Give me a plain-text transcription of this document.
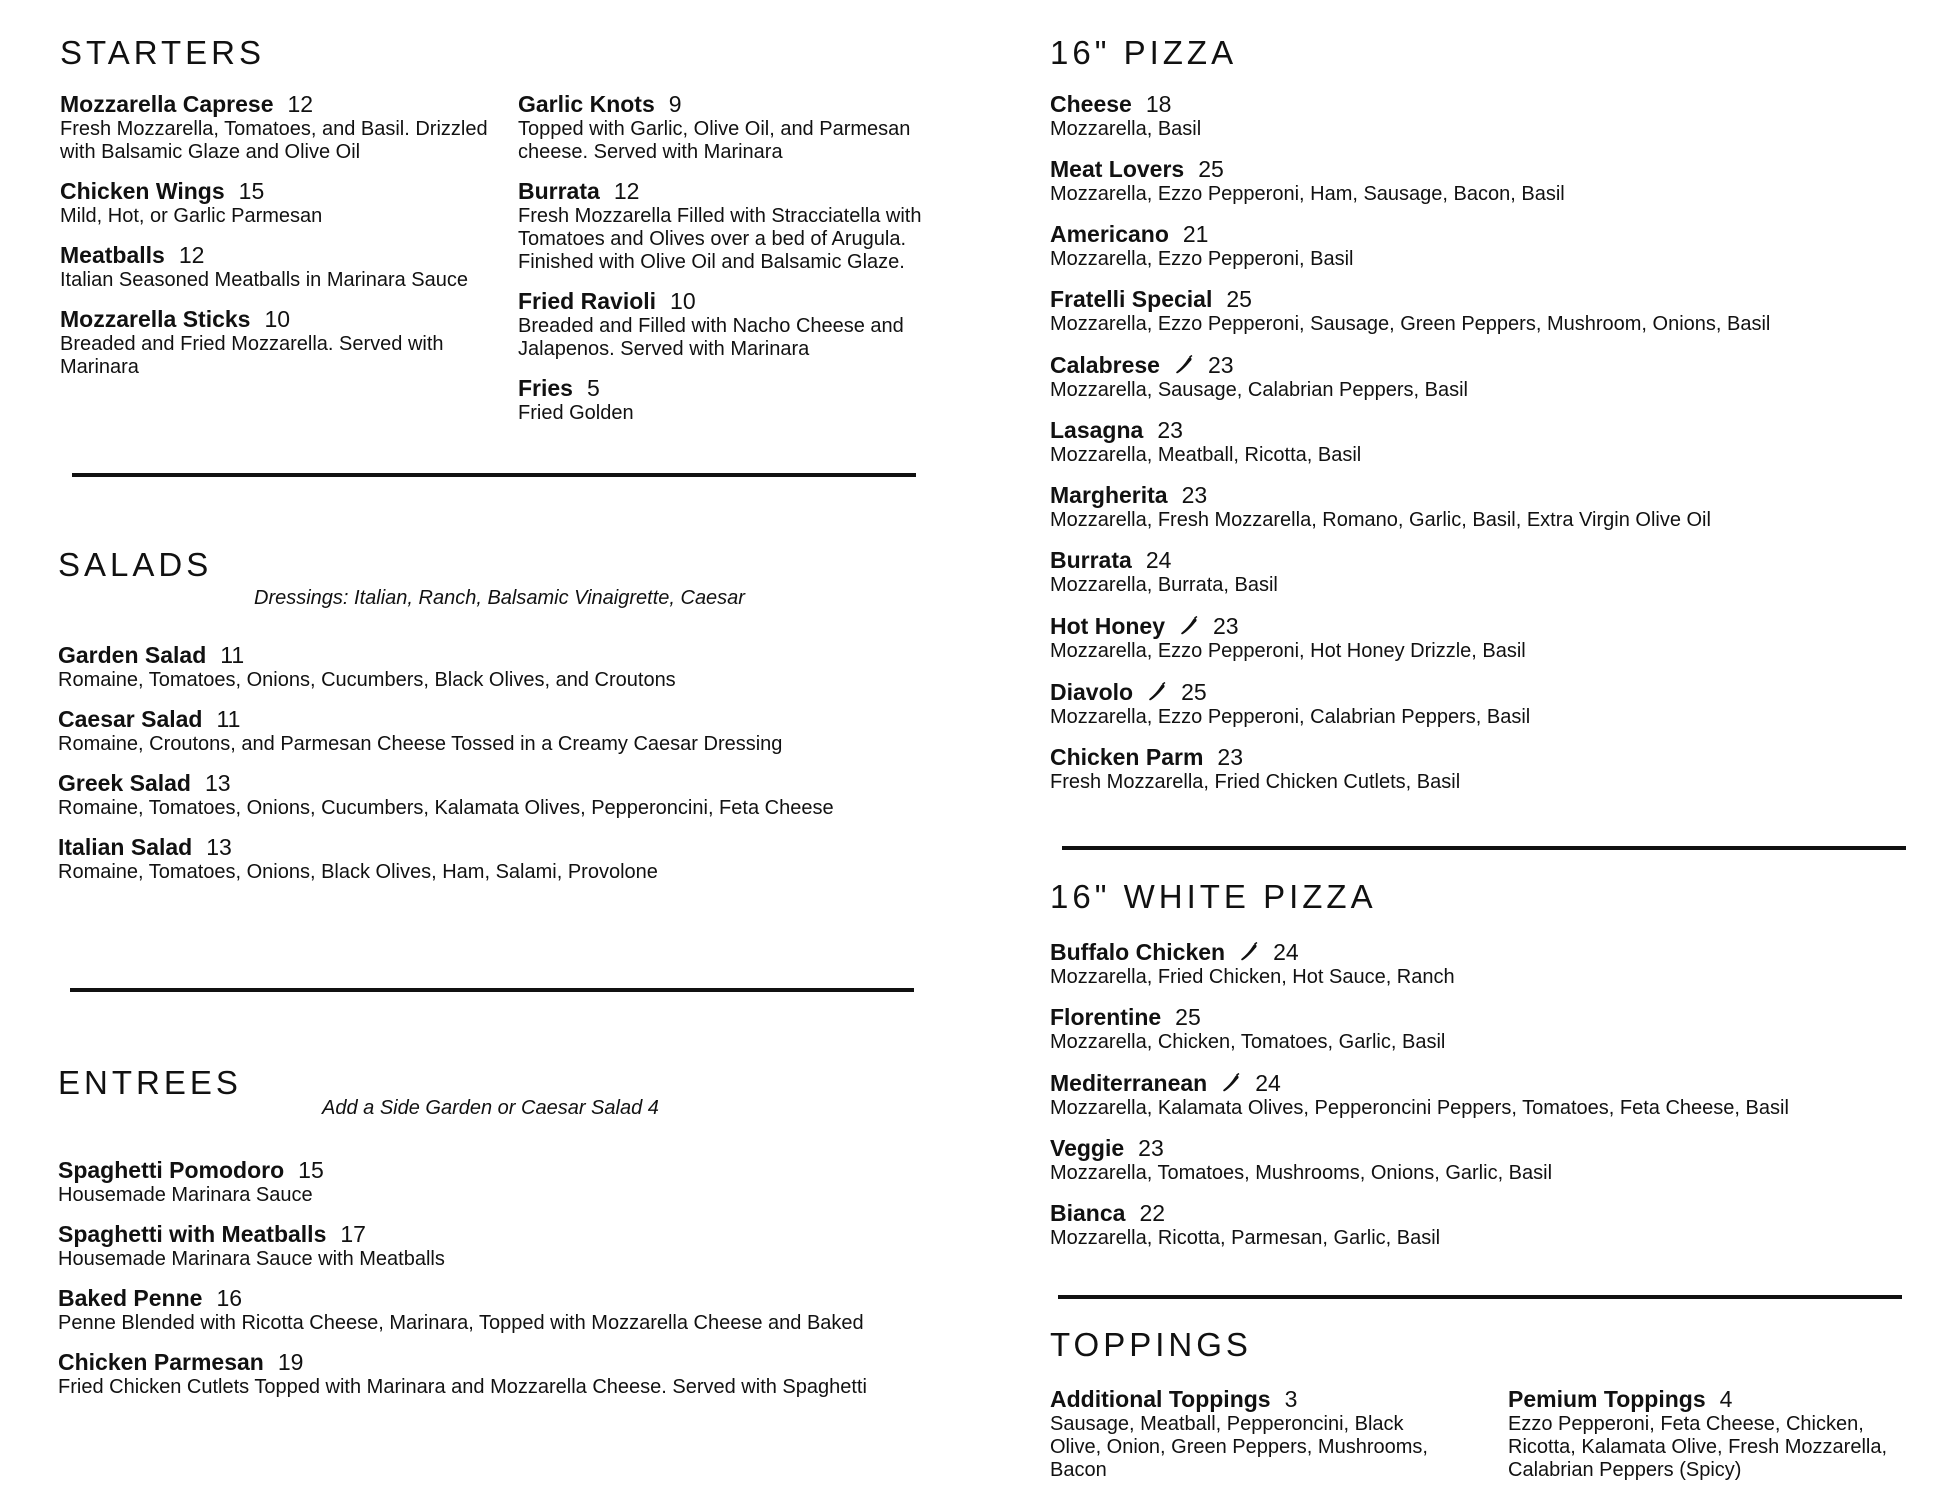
STARTERS
Mozzarella Caprese 12
Fresh Mozzarella, Tomatoes, and Basil. Drizzled with Balsamic Glaze and Olive Oil
Chicken Wings 15
Mild, Hot, or Garlic Parmesan
Meatballs 12
Italian Seasoned Meatballs in Marinara Sauce
Mozzarella Sticks 10
Breaded and Fried Mozzarella. Served with Marinara
Garlic Knots 9
Topped with Garlic, Olive Oil, and Parmesan cheese. Served with Marinara
Burrata 12
Fresh Mozzarella Filled with Stracciatella with Tomatoes and Olives over a bed of Arugula. Finished with Olive Oil and Balsamic Glaze.
Fried Ravioli 10
Breaded and Filled with Nacho Cheese and Jalapenos. Served with Marinara
Fries 5
Fried Golden
SALADS
Dressings: Italian, Ranch, Balsamic Vinaigrette, Caesar
Garden Salad 11
Romaine, Tomatoes, Onions, Cucumbers, Black Olives, and Croutons
Caesar Salad 11
Romaine, Croutons, and Parmesan Cheese Tossed in a Creamy Caesar Dressing
Greek Salad 13
Romaine, Tomatoes, Onions, Cucumbers, Kalamata Olives, Pepperoncini, Feta Cheese
Italian Salad 13
Romaine, Tomatoes, Onions, Black Olives, Ham, Salami, Provolone
ENTREES
Add a Side Garden or Caesar Salad 4
Spaghetti Pomodoro 15
Housemade Marinara Sauce
Spaghetti with Meatballs 17
Housemade Marinara Sauce with Meatballs
Baked Penne 16
Penne Blended with Ricotta Cheese, Marinara, Topped with Mozzarella Cheese and Baked
Chicken Parmesan 19
Fried Chicken Cutlets Topped with Marinara and Mozzarella Cheese. Served with Spaghetti
16" PIZZA
Cheese 18
Mozzarella, Basil
Meat Lovers 25
Mozzarella, Ezzo Pepperoni, Ham, Sausage, Bacon, Basil
Americano 21
Mozzarella, Ezzo Pepperoni, Basil
Fratelli Special 25
Mozzarella, Ezzo Pepperoni, Sausage, Green Peppers, Mushroom, Onions, Basil
Calabrese 23
Mozzarella, Sausage, Calabrian Peppers, Basil
Lasagna 23
Mozzarella, Meatball, Ricotta, Basil
Margherita 23
Mozzarella, Fresh Mozzarella, Romano, Garlic, Basil, Extra Virgin Olive Oil
Burrata 24
Mozzarella, Burrata, Basil
Hot Honey 23
Mozzarella, Ezzo Pepperoni, Hot Honey Drizzle, Basil
Diavolo 25
Mozzarella, Ezzo Pepperoni, Calabrian Peppers, Basil
Chicken Parm 23
Fresh Mozzarella, Fried Chicken Cutlets, Basil
16" WHITE PIZZA
Buffalo Chicken 24
Mozzarella, Fried Chicken, Hot Sauce, Ranch
Florentine 25
Mozzarella, Chicken, Tomatoes, Garlic, Basil
Mediterranean 24
Mozzarella, Kalamata Olives, Pepperoncini Peppers, Tomatoes, Feta Cheese, Basil
Veggie 23
Mozzarella, Tomatoes, Mushrooms, Onions, Garlic, Basil
Bianca 22
Mozzarella, Ricotta, Parmesan, Garlic, Basil
TOPPINGS
Additional Toppings 3
Sausage, Meatball, Pepperoncini, Black Olive, Onion, Green Peppers, Mushrooms, Bacon
Pemium Toppings 4
Ezzo Pepperoni, Feta Cheese, Chicken, Ricotta, Kalamata Olive, Fresh Mozzarella, Calabrian Peppers (Spicy)
